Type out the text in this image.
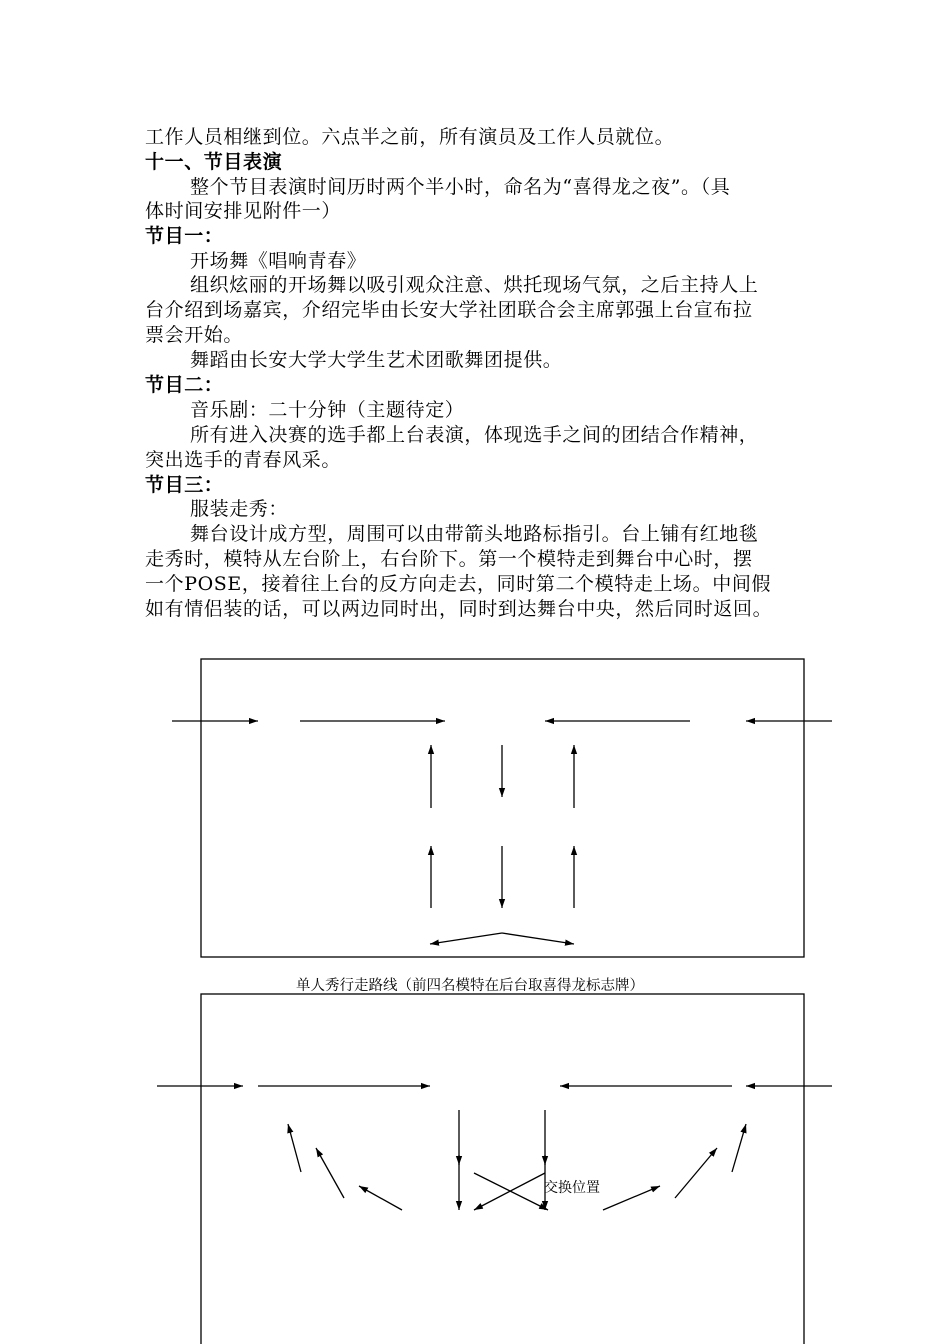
工作人员相继到位。六点半之前，所有演员及工作人员就位。
十一、节目表演
整个节目表演时间历时两个半小时，命名为“喜得龙之夜”。（具
体时间安排见附件一）
节目一：
开场舞《唱响青春》
组织炫丽的开场舞以吸引观众注意、烘托现场气氛，之后主持人上
台介绍到场嘉宾，介绍完毕由长安大学社团联合会主席郭强上台宣布拉
票会开始。
舞蹈由长安大学大学生艺术团歌舞团提供。
节目二：
音乐剧：二十分钟（主题待定）
所有进入决赛的选手都上台表演，体现选手之间的团结合作精神，
突出选手的青春风采。
节目三：
服装走秀：
舞台设计成方型，周围可以由带箭头地路标指引。台上铺有红地毯
走秀时，模特从左台阶上，右台阶下。第一个模特走到舞台中心时，摆
一个POSE，接着往上台的反方向走去，同时第二个模特走上场。中间假
如有情侣装的话，可以两边同时出，同时到达舞台中央，然后同时返回。
交换位置
单人秀行走路线（前四名模特在后台取喜得龙标志牌）
